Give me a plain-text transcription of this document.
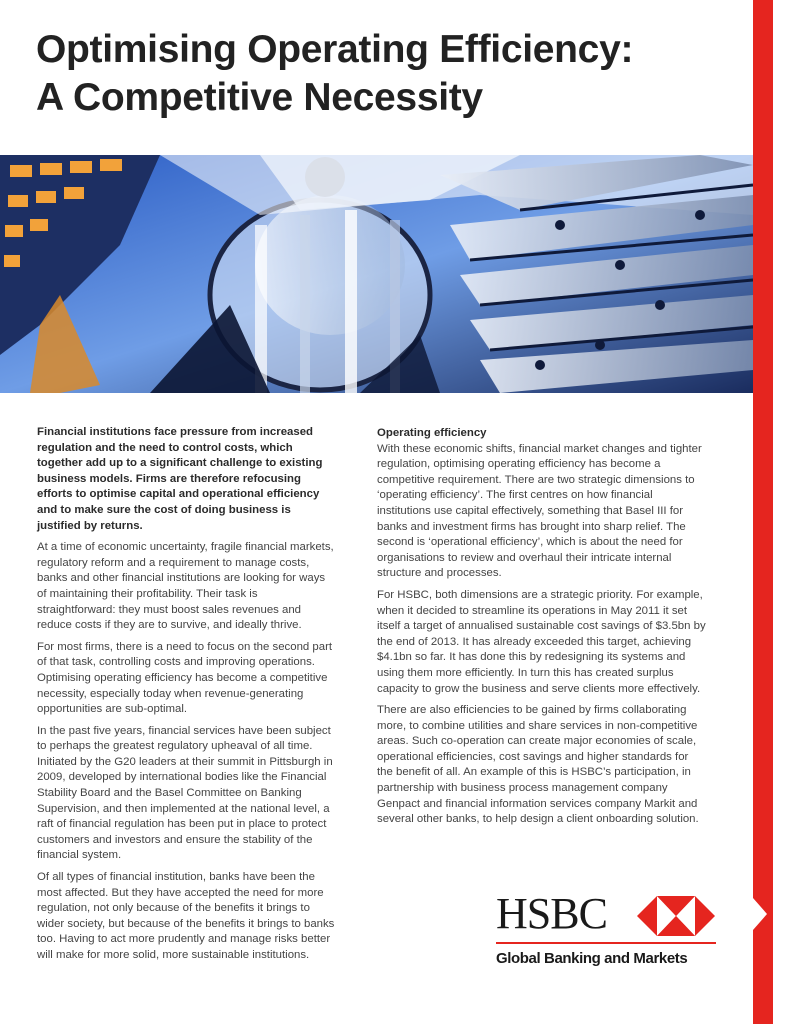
Optimising Operating Efficiency:
A Competitive Necessity

Financial institutions face pressure from increased regulation and the need to control costs, which together add up to a significant challenge to existing business models. Firms are therefore refocusing efforts to optimise capital and operational efficiency and to make sure the cost of doing business is justified by returns.

At a time of economic uncertainty, fragile financial markets, regulatory reform and a requirement to manage costs, banks and other financial institutions are looking for ways of maintaining their profitability. Their task is straightforward: they must boost sales revenues and reduce costs if they are to survive, and ideally thrive.

For most firms, there is a need to focus on the second part of that task, controlling costs and improving operations. Optimising operating efficiency has become a competitive necessity, especially today when revenue-generating opportunities are sub-optimal.

In the past five years, financial services have been subject to perhaps the greatest regulatory upheaval of all time. Initiated by the G20 leaders at their summit in Pittsburgh in 2009, developed by international bodies like the Financial Stability Board and the Basel Committee on Banking Supervision, and then implemented at the national level, a raft of financial regulation has been put in place to protect customers and investors and ensure the stability of the financial system.

Of all types of financial institution, banks have been the most affected. But they have accepted the need for more regulation, not only because of the benefits it brings to wider society, but because of the benefits it brings to banks too. Having to act more prudently and manage risks better will make for more solid, more sustainable institutions.

Operating efficiency

With these economic shifts, financial market changes and tighter regulation, optimising operating efficiency has become a competitive requirement. There are two strategic dimensions to ‘operating efficiency’. The first centres on how financial institutions use capital effectively, something that Basel III for banks and investment firms has brought into sharp relief. The second is ‘operational efficiency’, which is about the need for organisations to review and overhaul their intricate internal structure and processes.

For HSBC, both dimensions are a strategic priority. For example, when it decided to streamline its operations in May 2011 it set itself a target of annualised sustainable cost savings of $3.5bn by the end of 2013. It has already exceeded this target, achieving $4.1bn so far. It has done this by redesigning its systems and using them more efficiently. In turn this has created surplus capacity to grow the business and serve clients more effectively.

There are also efficiencies to be gained by firms collaborating more, to combine utilities and share services in non-competitive areas. Such co-operation can create major economies of scale, operational efficiencies, cost savings and higher standards for the benefit of all. An example of this is HSBC’s participation, in partnership with business process management company Genpact and financial information services company Markit and several other banks, to help design a client onboarding solution.

HSBC
Global Banking and Markets
